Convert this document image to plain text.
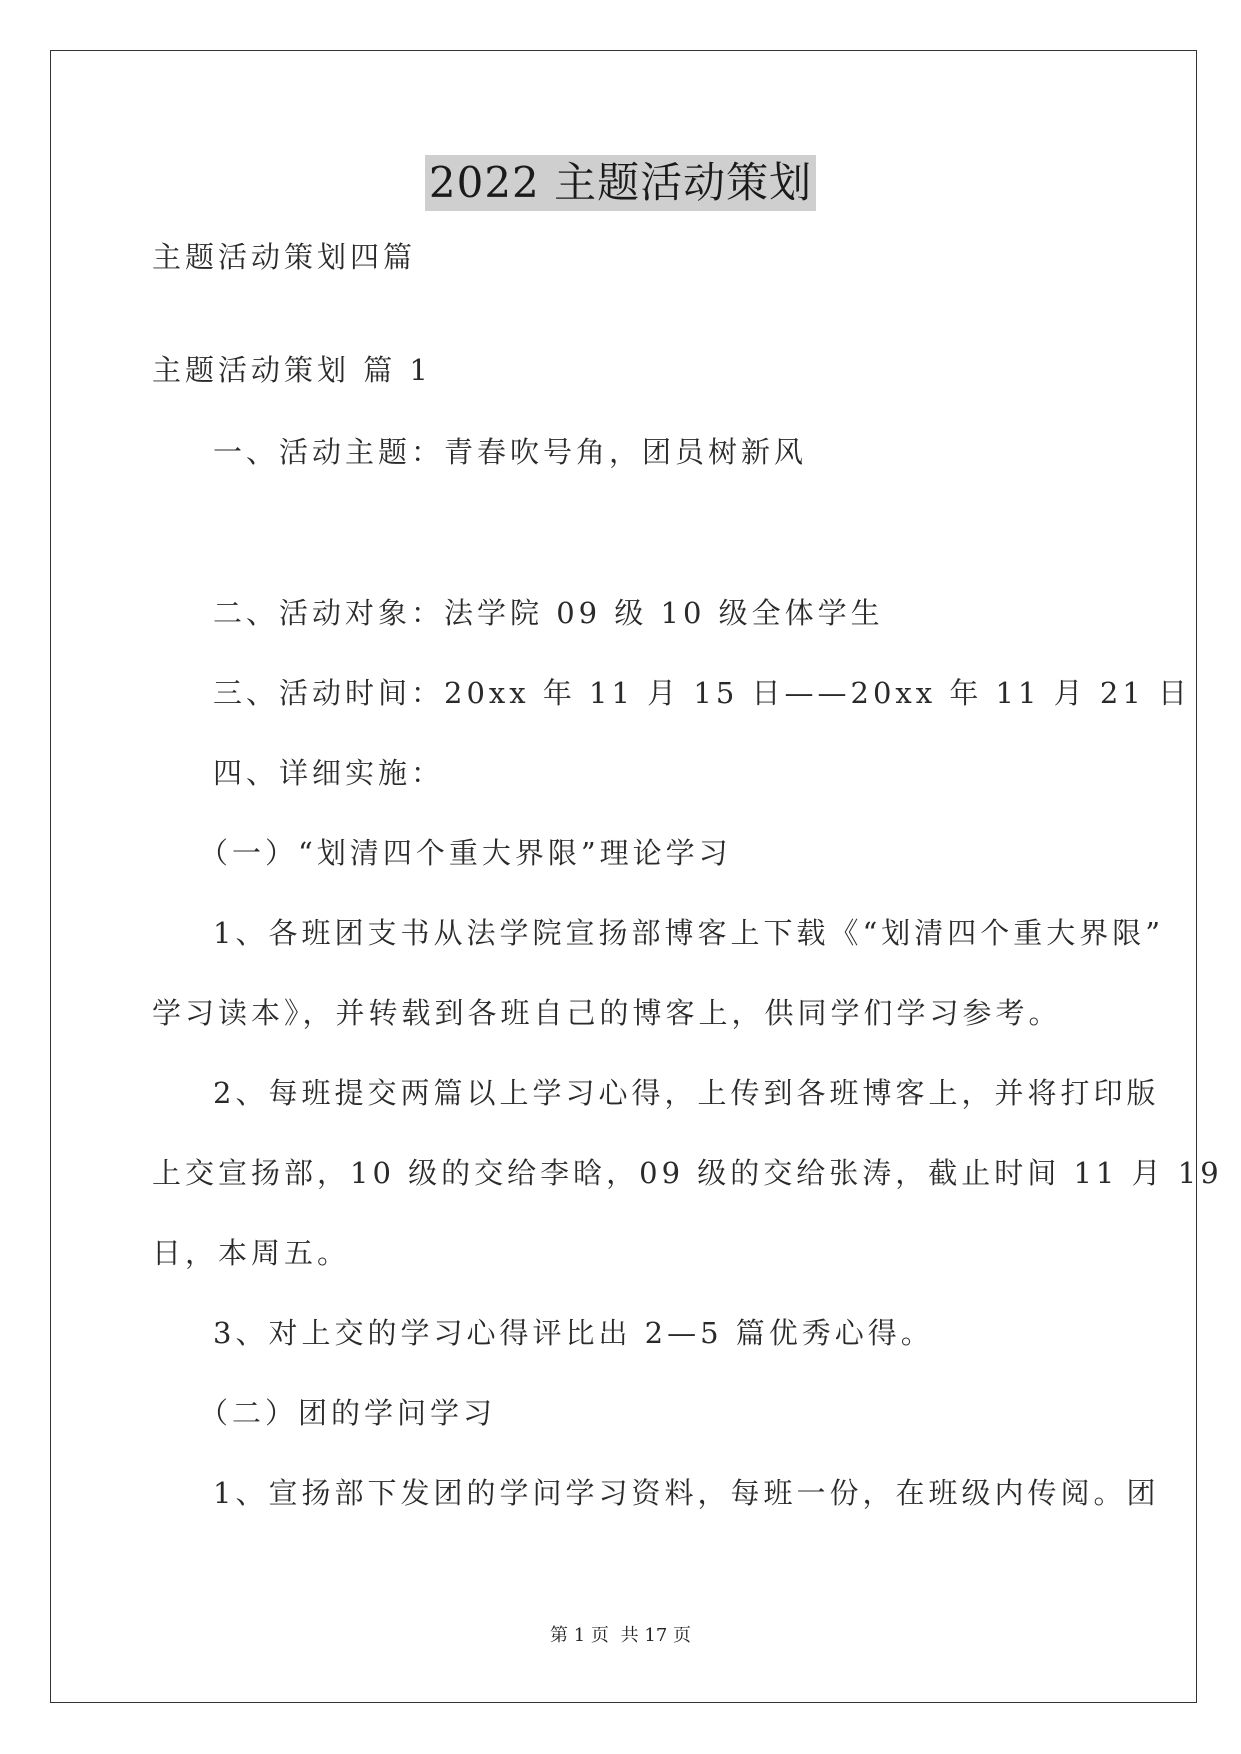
2022 主题活动策划
主题活动策划四篇
主题活动策划 篇 1
一、活动主题：青春吹号角，团员树新风
二、活动对象：法学院 09 级 10 级全体学生
三、活动时间：20xx 年 11 月 15 日——20xx 年 11 月 21 日
四、详细实施：
（一）“划清四个重大界限”理论学习
1、各班团支书从法学院宣扬部博客上下载《“划清四个重大界限”
学习读本》，并转载到各班自己的博客上，供同学们学习参考。
2、每班提交两篇以上学习心得，上传到各班博客上，并将打印版
上交宣扬部，10 级的交给李晗，09 级的交给张涛，截止时间 11 月 19
日，本周五。
3、对上交的学习心得评比出 2—5 篇优秀心得。
（二）团的学问学习
1、宣扬部下发团的学问学习资料，每班一份，在班级内传阅。团
第 1 页 共 17 页
